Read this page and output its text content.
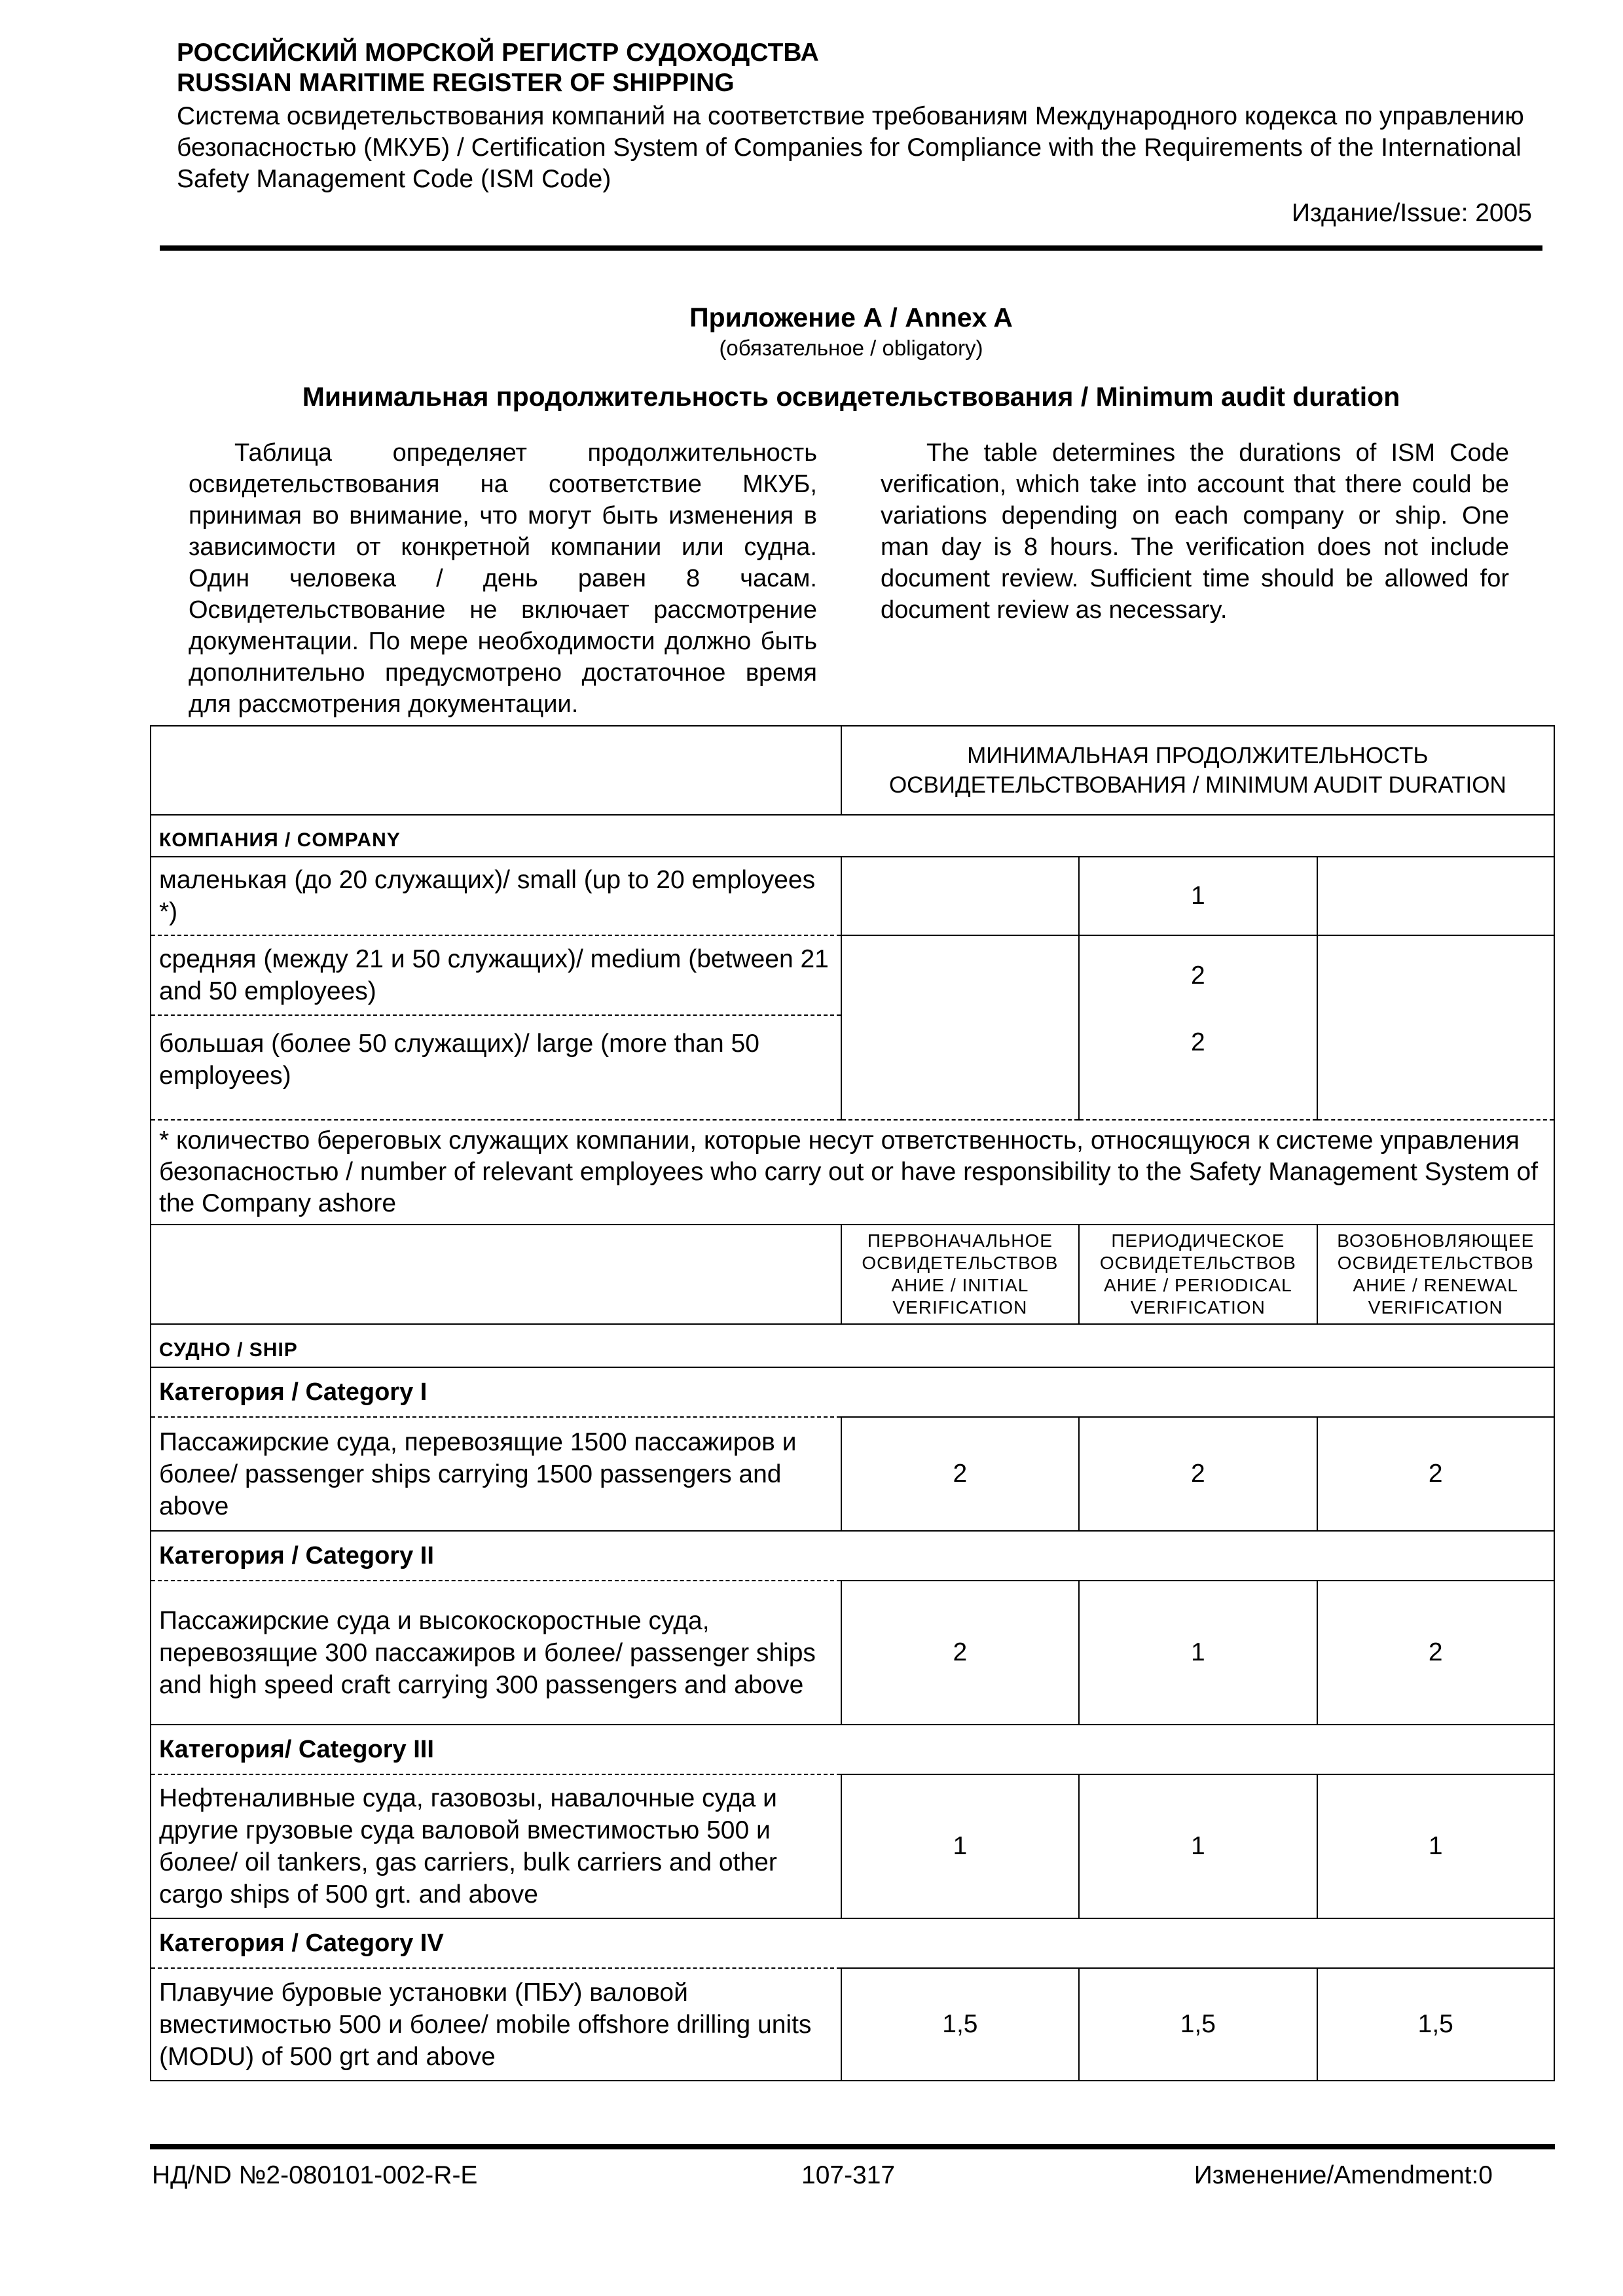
РОССИЙСКИЙ МОРСКОЙ РЕГИСТР СУДОХОДСТВА
RUSSIAN MARITIME REGISTER OF SHIPPING
Система освидетельствования компаний на соответствие требованиям Международного кодекса по управлению безопасностью (МКУБ) / Certification System of Companies for Compliance with the Requirements of the International Safety Management Code (ISM Code)
Издание/Issue: 2005
Приложение А / Annex A
(обязательное / obligatory)
Минимальная продолжительность освидетельствования / Minimum audit duration
Таблица определяет продолжительность освидетельствования на соответствие МКУБ, принимая во внимание, что могут быть изменения в зависимости от конкретной компании или судна. Один человека / день равен 8 часам. Освидетельствование не включает рассмотрение документации. По мере необходимости должно быть дополнительно предусмотрено достаточное время для рассмотрения документации.
The table determines the durations of ISM Code verification, which take into account that there could be variations depending on each company or ship. One man day is 8 hours. The verification does not include document review. Sufficient time should be allowed for document review as necessary.
	МИНИМАЛЬНАЯ ПРОДОЛЖИТЕЛЬНОСТЬ ОСВИДЕТЕЛЬСТВОВАНИЯ / MINIMUM AUDIT DURATION		
КОМПАНИЯ / COMPANY			
маленькая (до 20 служащих)/ small (up to 20 employees *)		1	
средняя (между 21 и 50 служащих)/ medium (between 21 and 50 employees)		2	
большая (более 50 служащих)/ large (more than 50 employees)		2	
* количество береговых служащих компании, которые несут ответственность, относящуюся к системе управления безопасностью / number of relevant employees who carry out or have responsibility to the Safety Management System of the Company ashore			
	ПЕРВОНАЧАЛЬНОЕ ОСВИДЕТЕЛЬСТВОВ АНИЕ / INITIAL VERIFICATION	ПЕРИОДИЧЕСКОЕ ОСВИДЕТЕЛЬСТВОВ АНИЕ / PERIODICAL VERIFICATION	ВОЗОБНОВЛЯЮЩЕЕ ОСВИДЕТЕЛЬСТВОВ АНИЕ / RENEWAL VERIFICATION
СУДНО / SHIP			
Категория / Category I			
Пассажирские суда, перевозящие 1500 пассажиров и более/ passenger ships carrying 1500 passengers and above	2	2	2
Категория / Category II			
Пассажирские суда и высокоскоростные суда, перевозящие 300 пассажиров и более/ passenger ships and high speed craft carrying 300 passengers and above	2	1	2
Категория/ Category III			
Нефтеналивные суда, газовозы, навалочные суда и другие грузовые суда валовой вместимостью 500 и более/ oil tankers, gas carriers, bulk carriers and other cargo ships of 500 grt. and above	1	1	1
Категория / Category IV			
Плавучие буровые установки (ПБУ) валовой вместимостью 500 и более/ mobile offshore drilling units (MODU) of 500 grt and above	1,5	1,5	1,5
НД/ND №2-080101-002-R-E	107-317	Изменение/Amendment:0
